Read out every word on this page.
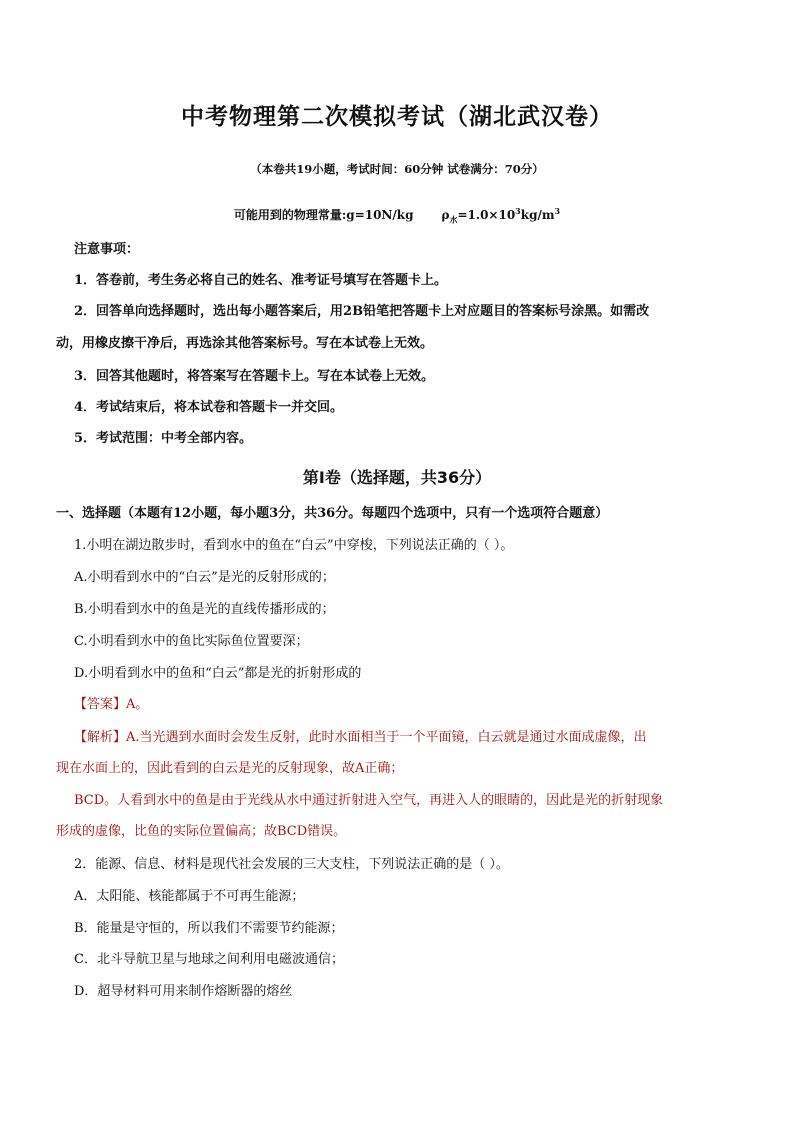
中考物理第二次模拟考试（湖北武汉卷）
（本卷共19小题，考试时间：60分钟 试卷满分：70分）
可能用到的物理常量:g=10N/kg $\rho_水=1.0\times 10^3kg/m^3$
注意事项：
1．答卷前，考生务必将自己的姓名、准考证号填写在答题卡上。
2．回答单向选择题时，选出每小题答案后，用2B铅笔把答题卡上对应题目的答案标号涂黑。如需改
动，用橡皮擦干净后，再选涂其他答案标号。写在本试卷上无效。
3．回答其他题时，将答案写在答题卡上。写在本试卷上无效。
4．考试结束后，将本试卷和答题卡一并交回。
5．考试范围：中考全部内容。
第Ⅰ卷（选择题，共36分）
一、选择题（本题有12小题，每小题3分，共36分。每题四个选项中，只有一个选项符合题意）
1.小明在湖边散步时，看到水中的鱼在“白云”中穿梭，下列说法正确的（ ）。
A.小明看到水中的“白云”是光的反射形成的；
B.小明看到水中的鱼是光的直线传播形成的；
C.小明看到水中的鱼比实际鱼位置要深；
D.小明看到水中的鱼和“白云”都是光的折射形成的
【答案】A。
【解析】A.当光遇到水面时会发生反射，此时水面相当于一个平面镜，白云就是通过水面成虚像，出
现在水面上的，因此看到的白云是光的反射现象，故A正确；
BCD。人看到水中的鱼是由于光线从水中通过折射进入空气，再进入人的眼睛的，因此是光的折射现象
形成的虚像，比鱼的实际位置偏高；故BCD错误。
2．能源、信息、材料是现代社会发展的三大支柱，下列说法正确的是（ ）。
A．太阳能、核能都属于不可再生能源；
B．能量是守恒的，所以我们不需要节约能源；
C．北斗导航卫星与地球之间利用电磁波通信；
D．超导材料可用来制作熔断器的熔丝
